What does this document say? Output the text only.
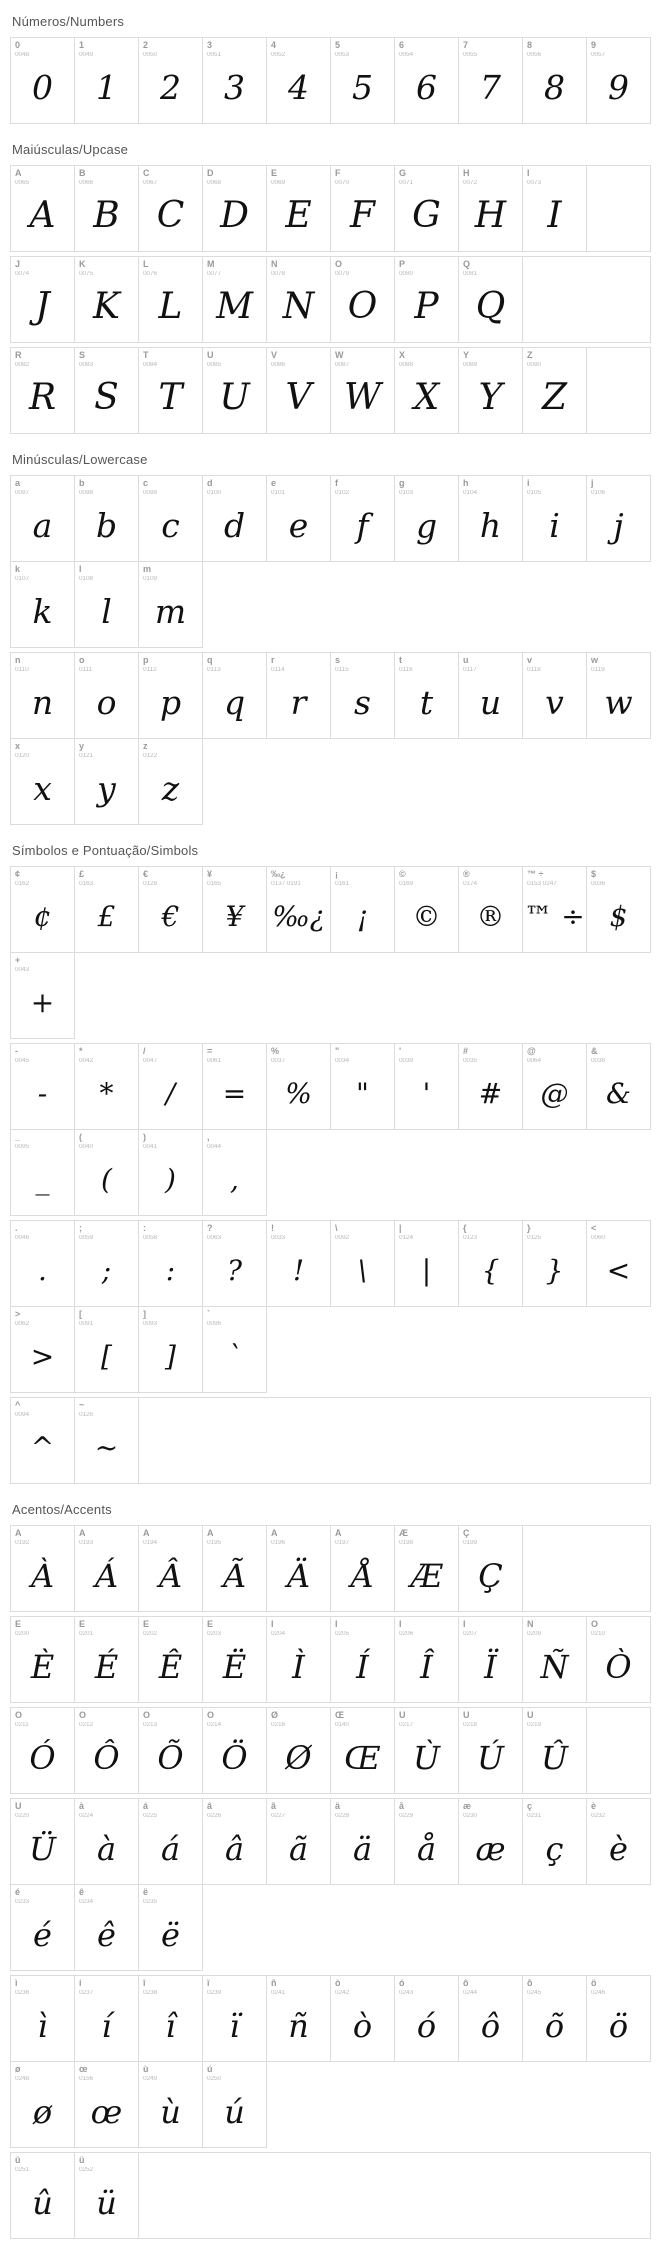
Números/Numbers
0
0048
0
1
0049
1
2
0050
2
3
0051
3
4
0052
4
5
0053
5
6
0054
6
7
0055
7
8
0056
8
9
0057
9
Maiúsculas/Upcase
A
0065
A
B
0066
B
C
0067
C
D
0068
D
E
0069
E
F
0070
F
G
0071
G
H
0072
H
I
0073
I
J
0074
J
K
0075
K
L
0076
L
M
0077
M
N
0078
N
O
0079
O
P
0080
P
Q
0081
Q
R
0082
R
S
0083
S
T
0084
T
U
0085
U
V
0086
V
W
0087
W
X
0088
X
Y
0089
Y
Z
0090
Z
Minúsculas/Lowercase
a
0097
a
b
0098
b
c
0099
c
d
0100
d
e
0101
e
f
0102
f
g
0103
g
h
0104
h
i
0105
i
j
0106
j
k
0107
k
l
0108
l
m
0109
m
n
0110
n
o
0111
o
p
0112
p
q
0113
q
r
0114
r
s
0115
s
t
0116
t
u
0117
u
v
0118
v
w
0119
w
x
0120
x
y
0121
y
z
0122
z
Símbolos e Pontuação/Simbols
¢
0162
¢
£
0163
£
€
0128
€
¥
0165
¥
‰¿
0137 0191
‰¿
¡
0161
¡
©
0169
©
®
0174
®
™ ÷
0153 0247
™ ÷
$
0036
$
+
0043
+
-
0045
-
*
0042
*
/
0047
/
=
0061
=
%
0037
%
"
0034
"
'
0039
'
#
0035
#
@
0064
@
&
0038
&
_
0095
_
(
0040
(
)
0041
)
,
0044
,
.
0046
.
;
0059
;
:
0058
:
?
0063
?
!
0033
!
\
0092
\
|
0124
|
{
0123
{
}
0125
}
<
0060
<
>
0062
>
[
0091
[
]
0093
]
`
0096
`
^
0094
^
~
0126
~
Acentos/Accents
À
0192
À
Á
0193
Á
Â
0194
Â
Ã
0195
Ã
Ä
0196
Ä
Å
0197
Å
Æ
0198
Æ
Ç
0199
Ç
È
0200
È
É
0201
É
Ê
0202
Ê
Ë
0203
Ë
Ì
0204
Ì
Í
0205
Í
Î
0206
Î
Ï
0207
Ï
Ñ
0209
Ñ
Ò
0210
Ò
Ó
0211
Ó
Ô
0212
Ô
Õ
0213
Õ
Ö
0214
Ö
Ø
0216
Ø
Œ
0140
Œ
Ù
0217
Ù
Ú
0218
Ú
Û
0219
Û
Ü
0220
Ü
à
0224
à
á
0225
á
â
0226
â
ã
0227
ã
ä
0228
ä
å
0229
å
æ
0230
æ
ç
0231
ç
è
0232
è
é
0233
é
ê
0234
ê
ë
0235
ë
ì
0236
ì
í
0237
í
î
0238
î
ï
0239
ï
ñ
0241
ñ
ò
0242
ò
ó
0243
ó
ô
0244
ô
õ
0245
õ
ö
0246
ö
ø
0248
ø
œ
0156
œ
ù
0249
ù
ú
0250
ú
û
0251
û
ü
0252
ü
